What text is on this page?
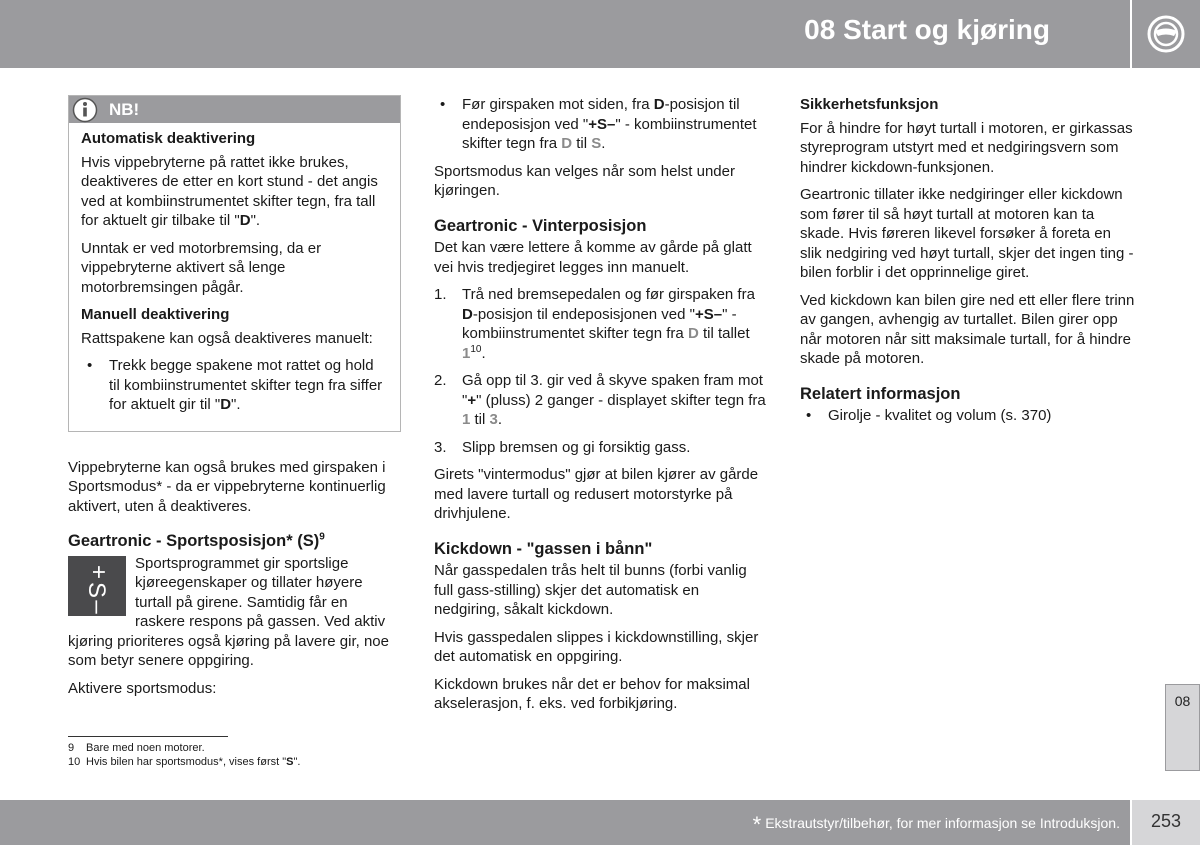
08 Start og kjøring
NB!
Automatisk deaktivering

Hvis vippebryterne på rattet ikke brukes, deaktiveres de etter en kort stund - det angis ved at kombiinstrumentet skifter tegn, fra tall for aktuelt gir tilbake til "D".

Unntak er ved motorbremsing, da er vippebryterne aktivert så lenge motorbremsingen pågår.

Manuell deaktivering

Rattspakene kan også deaktiveres manuelt:

• Trekk begge spakene mot rattet og hold til kombiinstrumentet skifter tegn fra siffer for aktuelt gir til "D".

Vippebryterne kan også brukes med girspaken i Sportsmodus* - da er vippebryterne kontinuerlig aktivert, uten å deaktiveres.

Geartronic - Sportsposisjon* $(S)^9$
+
S
–

Sportsprogrammet gir sportslige kjøreegenskaper og tillater høyere turtall på girene. Samtidig får en raskere respons på gassen. Ved aktiv kjøring prioriteres også kjøring på lavere gir, noe som betyr senere oppgiring.

Aktivere sportsmodus:

• Før girspaken mot siden, fra D-posisjon til endeposisjon ved "+S–" - kombiinstrumentet skifter tegn fra D til S.

Sportsmodus kan velges når som helst under kjøringen.

Geartronic - Vinterposisjon

Det kan være lettere å komme av gårde på glatt vei hvis tredjegiret legges inn manuelt.

1. Trå ned bremsepedalen og før girspaken fra D-posisjon til endeposisjonen ved "+S–" - kombiinstrumentet skifter tegn fra D til tallet $1^{10}$.
2. Gå opp til 3. gir ved å skyve spaken fram mot "+" (pluss) 2 ganger - displayet skifter tegn fra 1 til 3.
3. Slipp bremsen og gi forsiktig gass.

Girets "vintermodus" gjør at bilen kjører av gårde med lavere turtall og redusert motorstyrke på drivhjulene.

Kickdown - "gassen i bånn"

Når gasspedalen trås helt til bunns (forbi vanlig full gass-stilling) skjer det automatisk en nedgiring, såkalt kickdown.

Hvis gasspedalen slippes i kickdownstilling, skjer det automatisk en oppgiring.

Kickdown brukes når det er behov for maksimal akselerasjon, f. eks. ved forbikjøring.

Sikkerhetsfunksjon

For å hindre for høyt turtall i motoren, er girkassas styreprogram utstyrt med et nedgiringsvern som hindrer kickdown-funksjonen.

Geartronic tillater ikke nedgiringer eller kickdown som fører til så høyt turtall at motoren kan ta skade. Hvis føreren likevel forsøker å foreta en slik nedgiring ved høyt turtall, skjer det ingen ting - bilen forblir i det opprinnelige giret.

Ved kickdown kan bilen gire ned ett eller flere trinn av gangen, avhengig av turtallet. Bilen girer opp når motoren når sitt maksimale turtall, for å hindre skade på motoren.

Relatert informasjon
• Girolje - kvalitet og volum (s. 370)
9 Bare med noen motorer.
10 Hvis bilen har sportsmodus*, vises først "S".
08
* Ekstrautstyr/tilbehør, for mer informasjon se Introduksjon.	253
